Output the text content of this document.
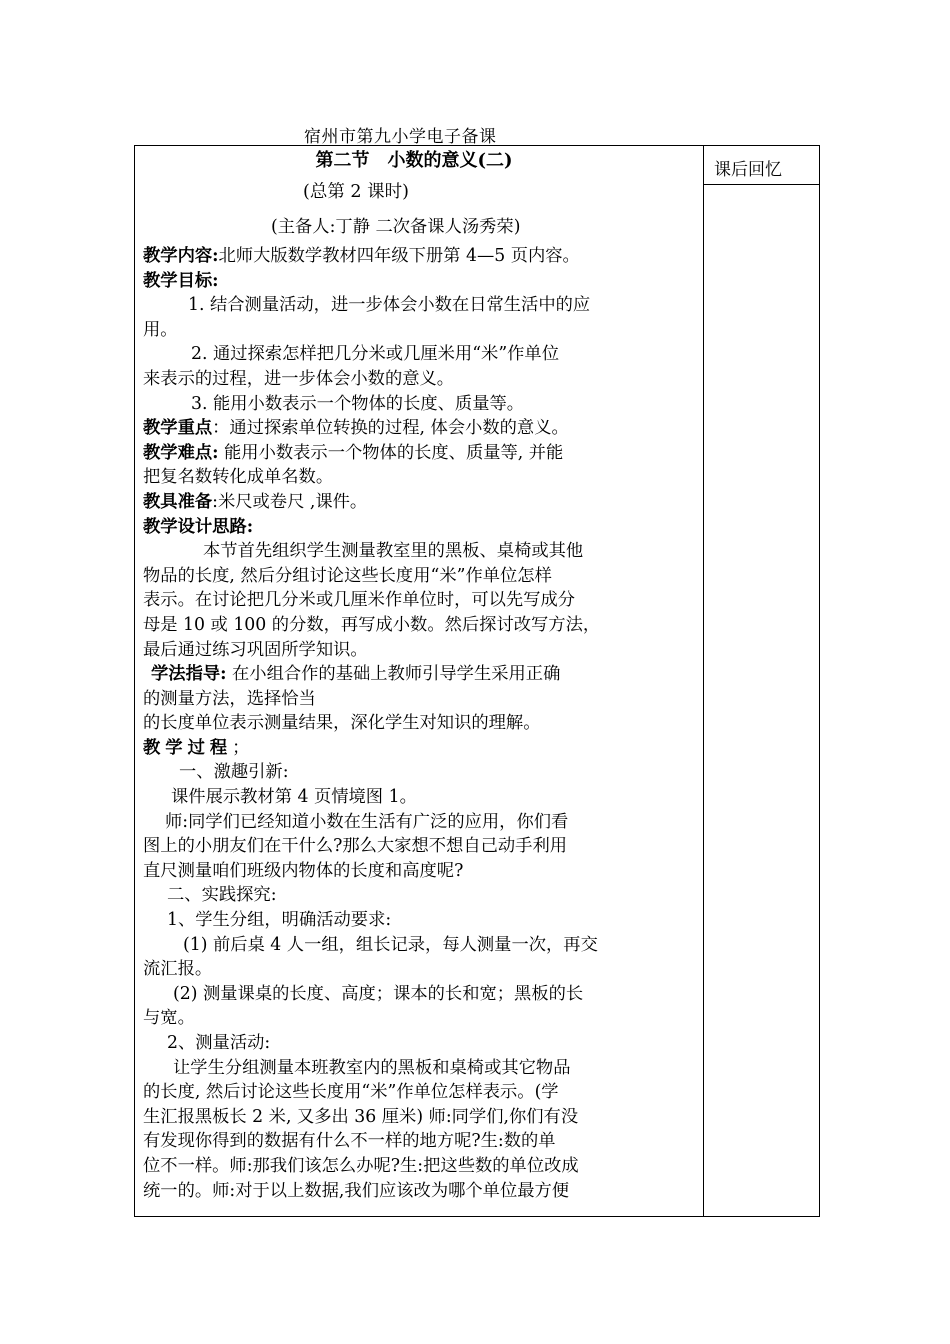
宿州市第九小学电子备课
课后回忆
第二节　小数的意义(二)
(总第 2 课时)
(主备人:丁静 二次备课人汤秀荣)
教学内容:北师大版数学教材四年级下册第 4—5 页内容。
教学目标:
1. 结合测量活动，进一步体会小数在日常生活中的应
用。
2. 通过探索怎样把几分米或几厘米用“米”作单位
来表示的过程，进一步体会小数的意义。
3. 能用小数表示一个物体的长度、质量等。
教学重点：通过探索单位转换的过程, 体会小数的意义。
教学难点: 能用小数表示一个物体的长度、质量等, 并能
把复名数转化成单名数。
教具准备:米尺或卷尺 ,课件。
教学设计思路:
本节首先组织学生测量教室里的黑板、桌椅或其他
物品的长度, 然后分组讨论这些长度用“米”作单位怎样
表示。在讨论把几分米或几厘米作单位时，可以先写成分
母是 10 或 100 的分数，再写成小数。然后探讨改写方法，
最后通过练习巩固所学知识。
学法指导: 在小组合作的基础上教师引导学生采用正确
的测量方法，选择恰当
的长度单位表示测量结果，深化学生对知识的理解。
教学过程；
一、激趣引新:
课件展示教材第 4 页情境图 1。
师:同学们已经知道小数在生活有广泛的应用，你们看
图上的小朋友们在干什么?那么大家想不想自己动手利用
直尺测量咱们班级内物体的长度和高度呢?
二、实践探究:
1、学生分组，明确活动要求:
(1) 前后桌 4 人一组，组长记录，每人测量一次，再交
流汇报。
(2) 测量课桌的长度、高度；课本的长和宽；黑板的长
与宽。
2、测量活动:
让学生分组测量本班教室内的黑板和桌椅或其它物品
的长度, 然后讨论这些长度用“米”作单位怎样表示。(学
生汇报黑板长 2 米, 又多出 36 厘米) 师:同学们,你们有没
有发现你得到的数据有什么不一样的地方呢?生:数的单
位不一样。师:那我们该怎么办呢?生:把这些数的单位改成
统一的。师:对于以上数据,我们应该改为哪个单位最方便
